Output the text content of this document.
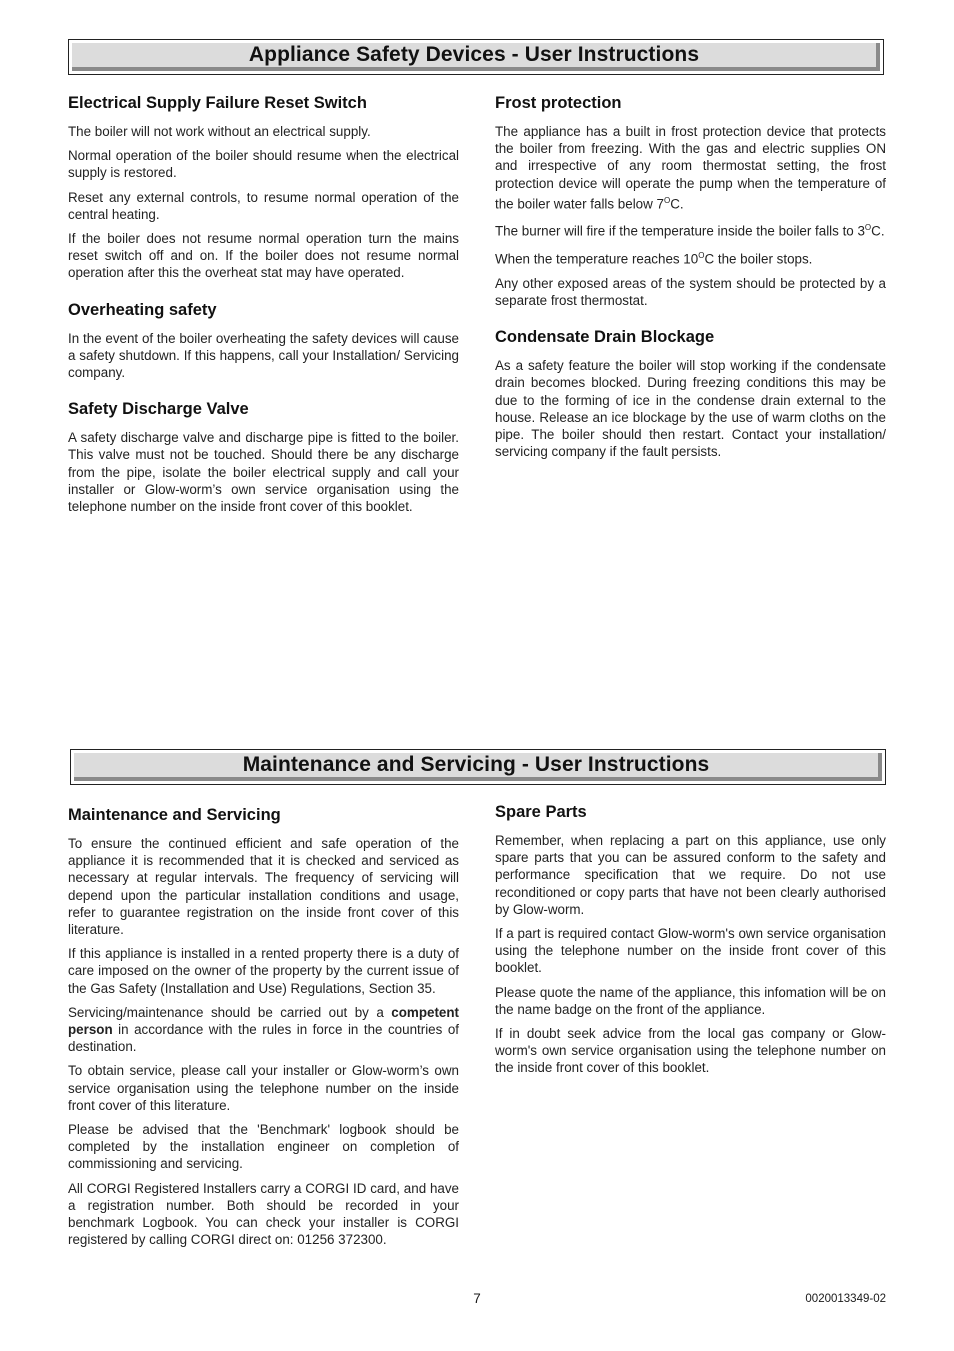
Appliance Safety Devices - User Instructions
Electrical Supply Failure Reset Switch

The boiler will not work without an electrical supply.

Normal operation of the boiler should resume when the electrical supply is restored.

Reset any external controls, to resume normal operation of the central heating.

If the boiler does not resume normal operation turn the mains reset switch off and on. If the boiler does not resume normal operation after this the overheat stat may have operated.

Overheating safety

In the event of the boiler overheating the safety devices will cause a safety shutdown. If this happens, call your Installation/ Servicing company.

Safety Discharge Valve

A safety discharge valve and discharge pipe is fitted to the boiler. This valve must not be touched. Should there be any discharge from the pipe, isolate the boiler electrical supply and call your installer or Glow-worm’s own service organisation using the telephone number on the inside front cover of this booklet.

Frost protection

The appliance has a built in frost protection device that protects the boiler from freezing. With the gas and electric supplies ON and irrespective of any room thermostat setting, the frost protection device will operate the pump when the temperature of the boiler water falls below $7^OC$.

The burner will fire if the temperature inside the boiler falls to $3^OC$.

When the temperature reaches $10^OC$ the boiler stops.

Any other exposed areas of the system should be protected by a separate frost thermostat.

Condensate Drain Blockage

As a safety feature the boiler will stop working if the condensate drain becomes blocked. During freezing conditions this may be due to the forming of ice in the condense drain external to the house. Release an ice blockage by the use of warm cloths on the pipe. The boiler should then restart. Contact your installation/ servicing company if the fault persists.

Maintenance and Servicing - User Instructions
Maintenance and Servicing

To ensure the continued efficient and safe operation of the appliance it is recommended that it is checked and serviced as necessary at regular intervals. The frequency of servicing will depend upon the particular installation conditions and usage, refer to guarantee registration on the inside front cover of this literature.

If this appliance is installed in a rented property there is a duty of care imposed on the owner of the property by the current issue of the Gas Safety (Installation and Use) Regulations, Section 35.

Servicing/maintenance should be carried out by a competent person in accordance with the rules in force in the countries of destination.

To obtain service, please call your installer or Glow-worm’s own service organisation using the telephone number on the inside front cover of this literature.

Please be advised that the 'Benchmark' logbook should be completed by the installation engineer on completion of commissioning and servicing.

All CORGI Registered Installers carry a CORGI ID card, and have a registration number. Both should be recorded in your benchmark Logbook. You can check your installer is CORGI registered by calling CORGI direct on: 01256 372300.

Spare Parts

Remember, when replacing a part on this appliance, use only spare parts that you can be assured conform to the safety and performance specification that we require. Do not use reconditioned or copy parts that have not been clearly authorised by Glow-worm.

If a part is required contact Glow-worm's own service organisation using the telephone number on the inside front cover of this booklet.

Please quote the name of the appliance, this infomation will be on the name badge on the front of the appliance.

If in doubt seek advice from the local gas company or Glow-worm's own service organisation using the telephone number on the inside front cover of this booklet.

7	0020013349-02
